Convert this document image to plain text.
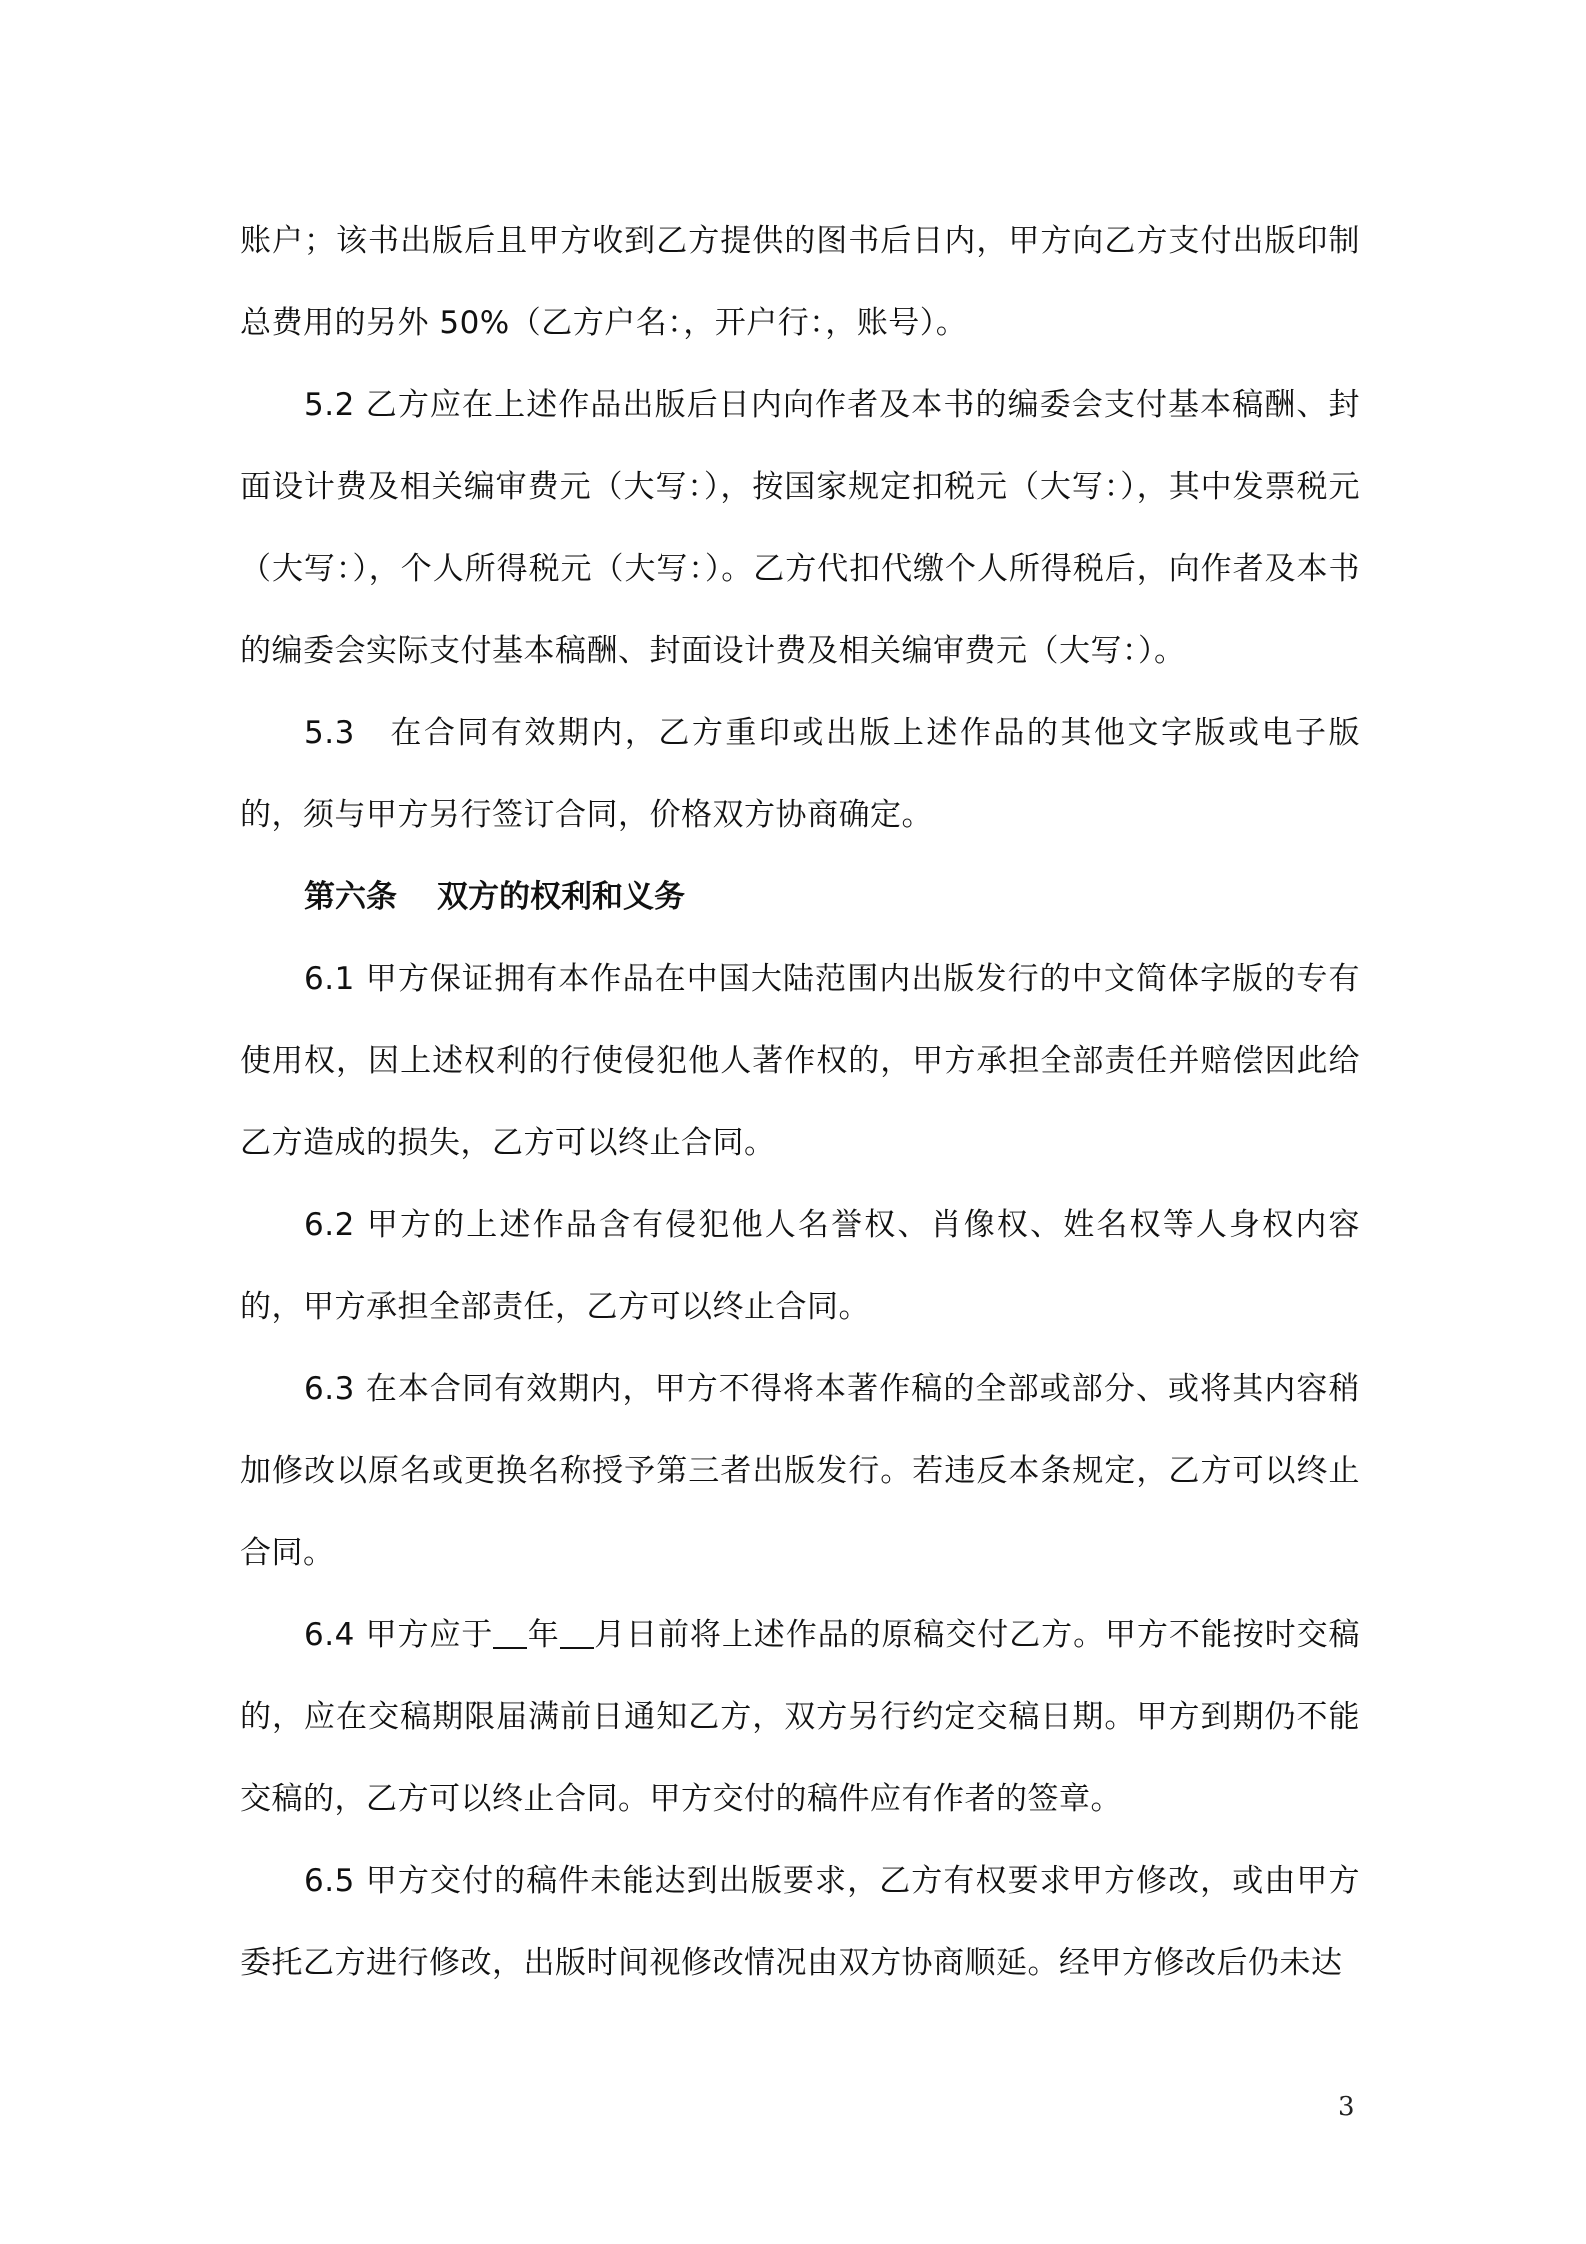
账户；该书出版后且甲方收到乙方提供的图书后日内，甲方向乙方支付出版印制总费用的另外 50%（乙方户名：，开户行：，账号）。

5.2 乙方应在上述作品出版后日内向作者及本书的编委会支付基本稿酬、封面设计费及相关编审费元（大写：），按国家规定扣税元（大写：），其中发票税元（大写：），个人所得税元（大写：）。乙方代扣代缴个人所得税后，向作者及本书的编委会实际支付基本稿酬、封面设计费及相关编审费元（大写：）。

5.3　在合同有效期内，乙方重印或出版上述作品的其他文字版或电子版的，须与甲方另行签订合同，价格双方协商确定。

第六条 双方的权利和义务

6.1 甲方保证拥有本作品在中国大陆范围内出版发行的中文简体字版的专有使用权，因上述权利的行使侵犯他人著作权的，甲方承担全部责任并赔偿因此给乙方造成的损失，乙方可以终止合同。

6.2 甲方的上述作品含有侵犯他人名誉权、肖像权、姓名权等人身权内容的，甲方承担全部责任，乙方可以终止合同。

6.3 在本合同有效期内，甲方不得将本著作稿的全部或部分、或将其内容稍加修改以原名或更换名称授予第三者出版发行。若违反本条规定，乙方可以终止合同。

6.4 甲方应于 年 月日前将上述作品的原稿交付乙方。甲方不能按时交稿的，应在交稿期限届满前日通知乙方，双方另行约定交稿日期。甲方到期仍不能交稿的，乙方可以终止合同。甲方交付的稿件应有作者的签章。

6.5 甲方交付的稿件未能达到出版要求，乙方有权要求甲方修改，或由甲方委托乙方进行修改，出版时间视修改情况由双方协商顺延。经甲方修改后仍未达

3
